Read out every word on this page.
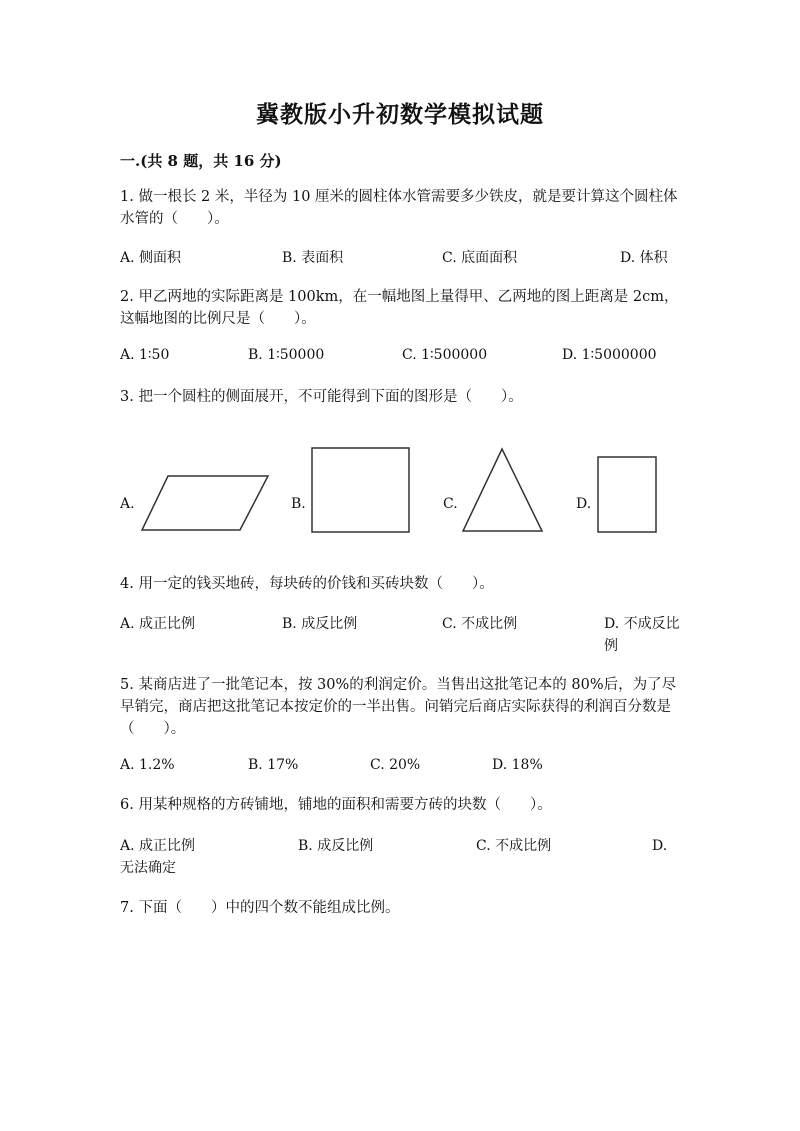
冀教版小升初数学模拟试题
一.(共 8 题，共 16 分)
1. 做一根长 2 米，半径为 10 厘米的圆柱体水管需要多少铁皮，就是要计算这个圆柱体水管的（　　）。
A. 侧面积	B. 表面积	C. 底面面积	D. 体积
2. 甲乙两地的实际距离是 100km，在一幅地图上量得甲、乙两地的图上距离是 2cm，这幅地图的比例尺是（　　）。
A. 1∶50	B. 1∶50000	C. 1∶500000	D. 1∶5000000
3. 把一个圆柱的侧面展开，不可能得到下面的图形是（　　）。
A.	B.	C.	D.
4. 用一定的钱买地砖，每块砖的价钱和买砖块数（　　）。
A. 成正比例	B. 成反比例	C. 不成比例	D. 不成反比例
5. 某商店进了一批笔记本，按 30%的利润定价。当售出这批笔记本的 80%后，为了尽早销完，商店把这批笔记本按定价的一半出售。问销完后商店实际获得的利润百分数是（　　）。
A. 1.2%	B. 17%	C. 20%	D. 18%
6. 用某种规格的方砖铺地，铺地的面积和需要方砖的块数（　　）。
A. 成正比例	B. 成反比例	C. 不成比例	D.
无法确定
7. 下面（　　）中的四个数不能组成比例。
